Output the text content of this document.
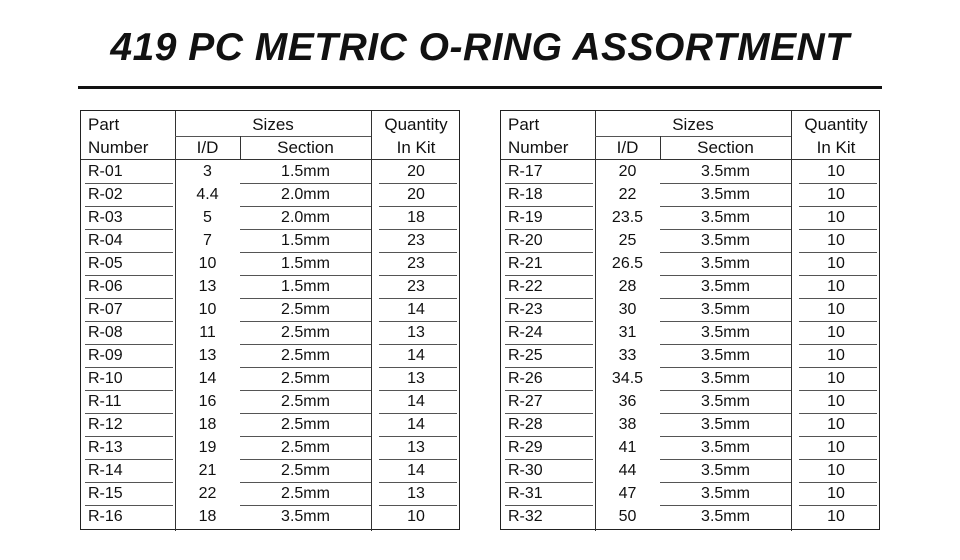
419 PC METRIC O-RING ASSORTMENT
Part
Number
Sizes
I/D	Section
Quantity
In Kit
R-01	3	1.5mm	20
R-02	4.4	2.0mm	20
R-03	5	2.0mm	18
R-04	7	1.5mm	23
R-05	10	1.5mm	23
R-06	13	1.5mm	23
R-07	10	2.5mm	14
R-08	11	2.5mm	13
R-09	13	2.5mm	14
R-10	14	2.5mm	13
R-11	16	2.5mm	14
R-12	18	2.5mm	14
R-13	19	2.5mm	13
R-14	21	2.5mm	14
R-15	22	2.5mm	13
R-16	18	3.5mm	10
Part
Number
Sizes
I/D	Section
Quantity
In Kit
R-17	20	3.5mm	10
R-18	22	3.5mm	10
R-19	23.5	3.5mm	10
R-20	25	3.5mm	10
R-21	26.5	3.5mm	10
R-22	28	3.5mm	10
R-23	30	3.5mm	10
R-24	31	3.5mm	10
R-25	33	3.5mm	10
R-26	34.5	3.5mm	10
R-27	36	3.5mm	10
R-28	38	3.5mm	10
R-29	41	3.5mm	10
R-30	44	3.5mm	10
R-31	47	3.5mm	10
R-32	50	3.5mm	10
